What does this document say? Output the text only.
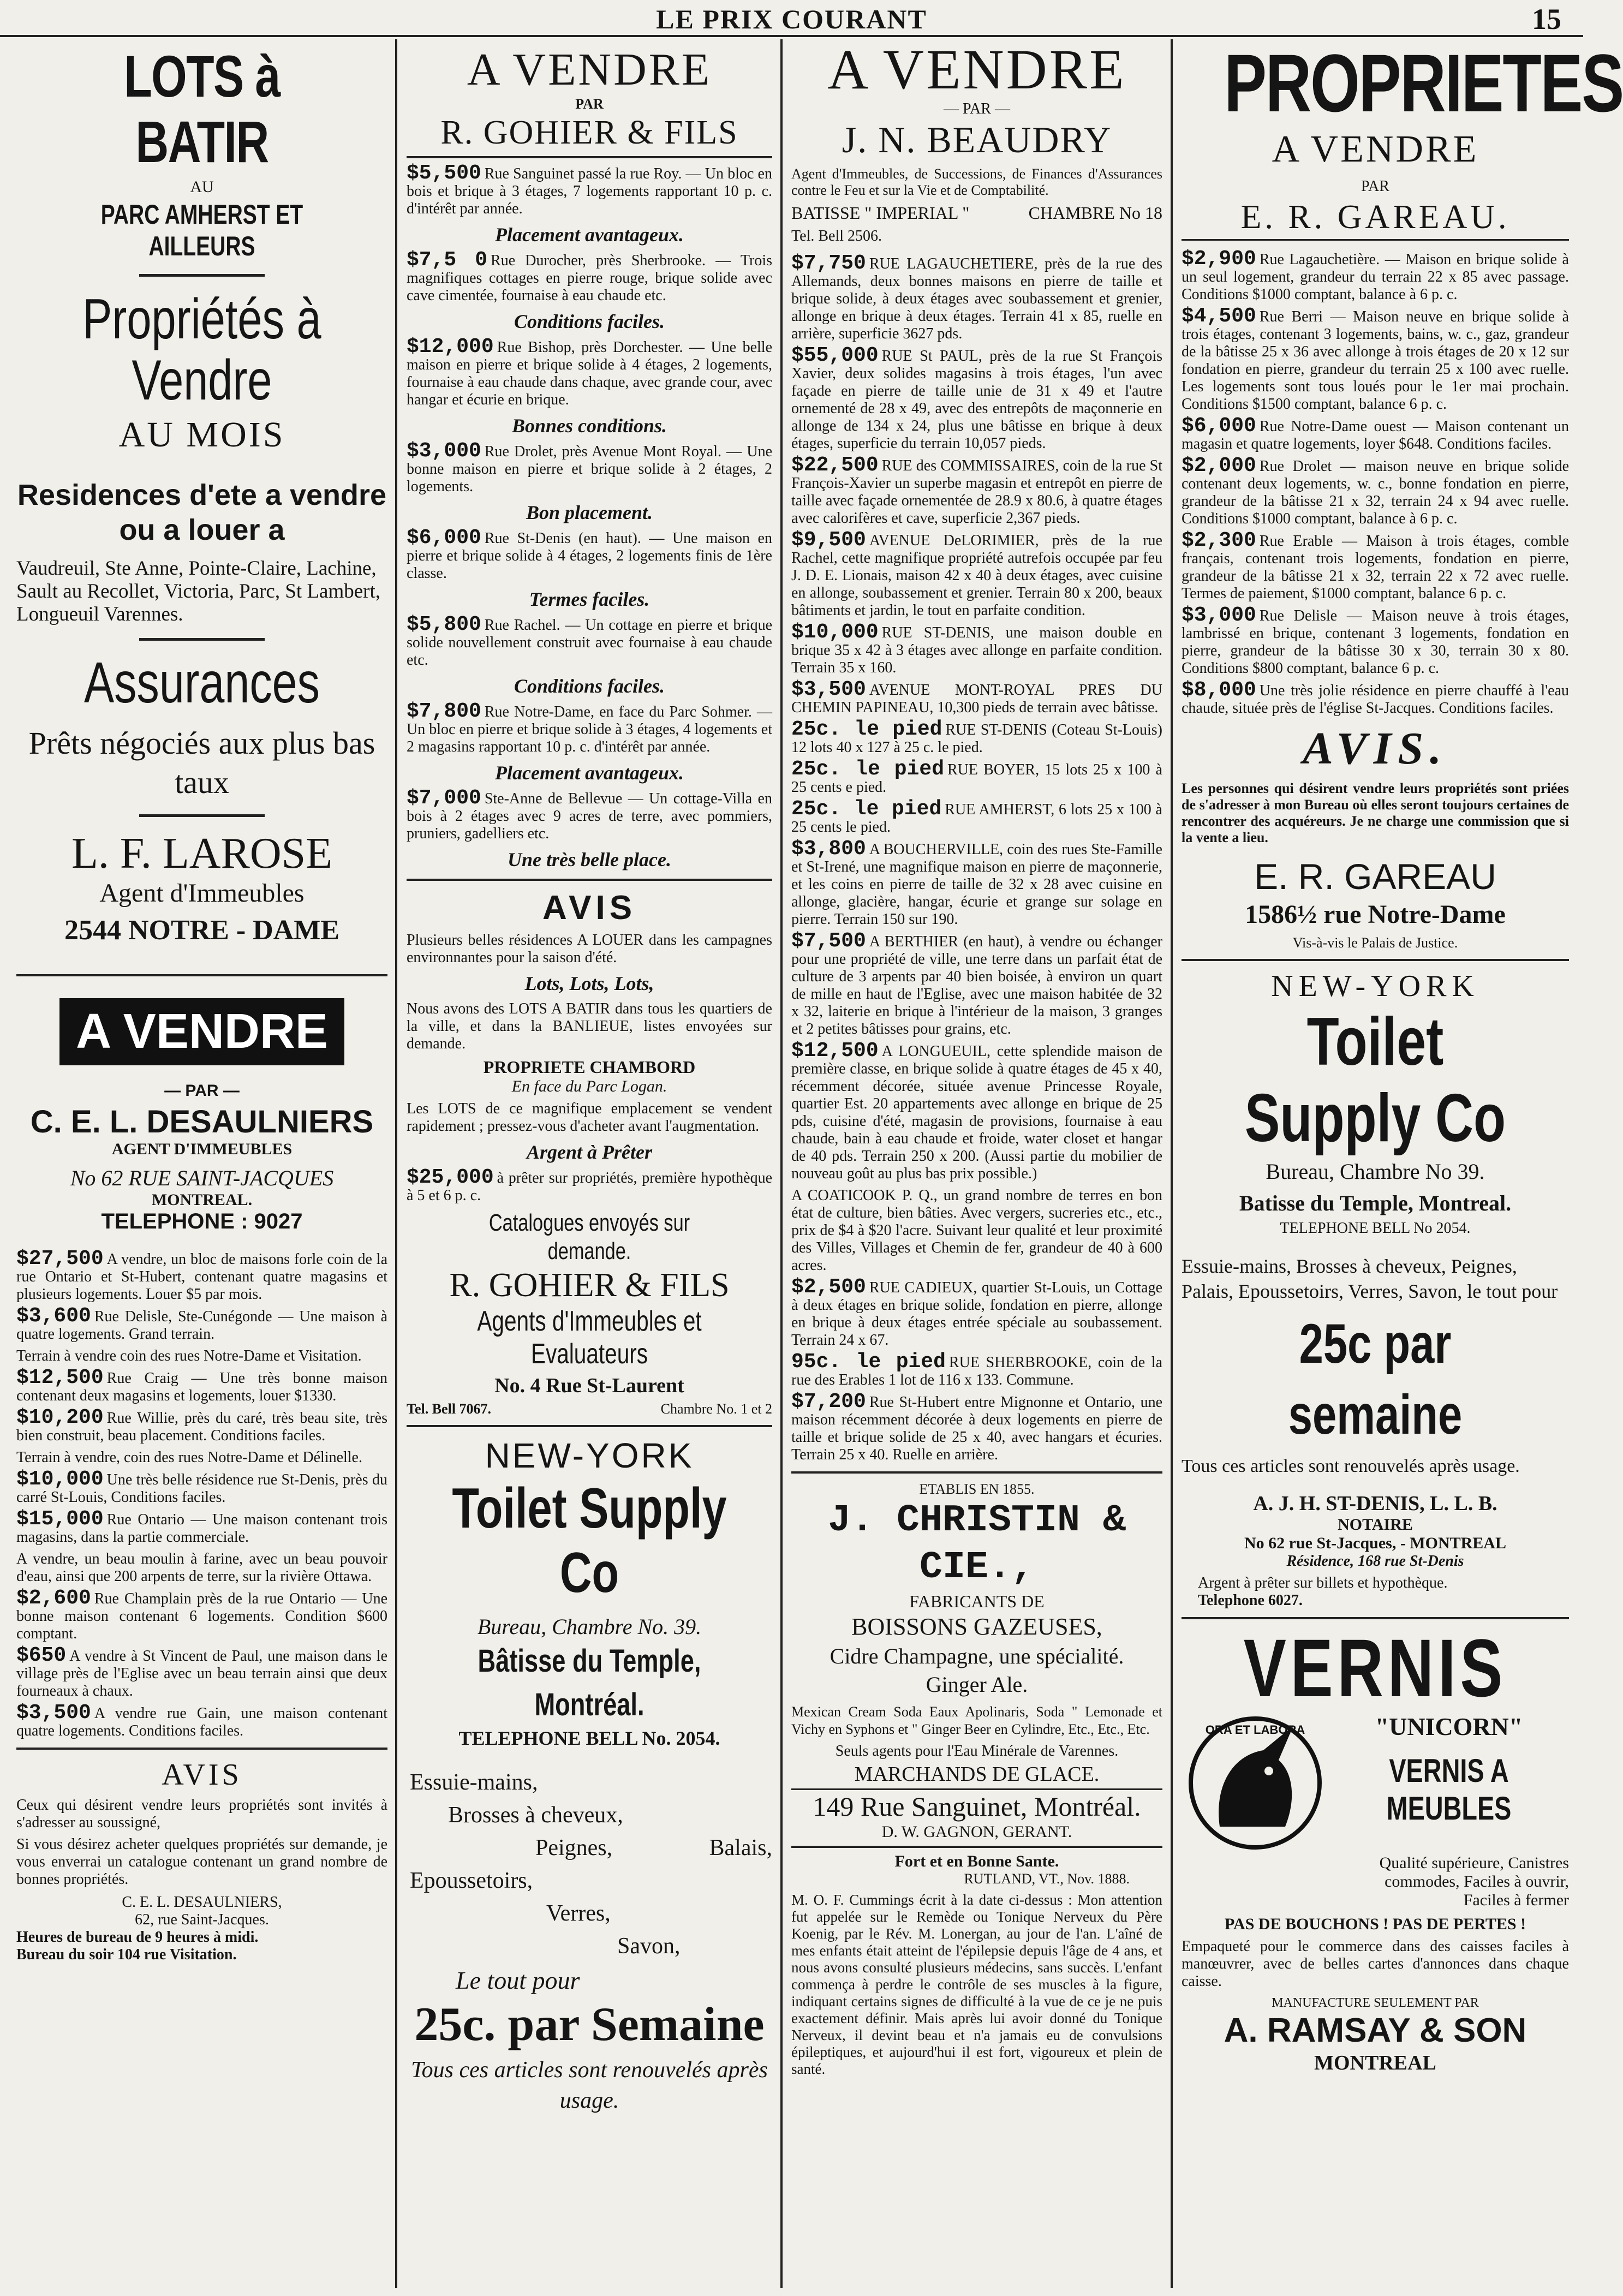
LE PRIX COURANT	15
LOTS à BATIR
AU
PARC AMHERST ET AILLEURS
Propriétés à Vendre
AU MOIS
Residences d'ete a vendre ou a louer a
Vaudreuil, Ste Anne, Pointe-Claire, Lachine, Sault au Recollet, Victoria, Parc, St Lambert, Longueuil Varennes.
Assurances
Prêts négociés aux plus bas taux
L. F. LAROSE
Agent d'Immeubles
2544 NOTRE - DAME
A VENDRE
— PAR —
C. E. L. DESAULNIERS
AGENT D'IMMEUBLES
No 62 RUE SAINT-JACQUES
MONTREAL.
TELEPHONE : 9027
$27,500 A vendre, un bloc de maisons forle coin de la rue Ontario et St-Hubert, contenant quatre magasins et plusieurs logements. Louer $5 par mois.
$3,600 Rue Delisle, Ste-Cunégonde — Une maison à quatre logements. Grand terrain.
Terrain à vendre coin des rues Notre-Dame et Visitation.
$12,500 Rue Craig — Une très bonne maison contenant deux magasins et logements, louer $1330.
$10,200 Rue Willie, près du caré, très beau site, très bien construit, beau placement. Conditions faciles.
Terrain à vendre, coin des rues Notre-Dame et Délinelle.
$10,000 Une très belle résidence rue St-Denis, près du carré St-Louis, Conditions faciles.
$15,000 Rue Ontario — Une maison contenant trois magasins, dans la partie commerciale.
A vendre, un beau moulin à farine, avec un beau pouvoir d'eau, ainsi que 200 arpents de terre, sur la rivière Ottawa.
$2,600 Rue Champlain près de la rue Ontario — Une bonne maison contenant 6 logements. Condition $600 comptant.
$650 A vendre à St Vincent de Paul, une maison dans le village près de l'Eglise avec un beau terrain ainsi que deux fourneaux à chaux.
$3,500 A vendre rue Gain, une maison contenant quatre logements. Conditions faciles.
AVIS
Ceux qui désirent vendre leurs propriétés sont invités à s'adresser au soussigné,
Si vous désirez acheter quelques propriétés sur demande, je vous enverrai un catalogue contenant un grand nombre de bonnes propriétés.
C. E. L. DESAULNIERS,
62, rue Saint-Jacques.
Heures de bureau de 9 heures à midi.
Bureau du soir 104 rue Visitation.
A VENDRE
PAR
R. GOHIER & FILS
$5,500 Rue Sanguinet passé la rue Roy. — Un bloc en bois et brique à 3 étages, 7 logements rapportant 10 p. c. d'intérêt par année.
Placement avantageux.
$7,5 0 Rue Durocher, près Sherbrooke. — Trois magnifiques cottages en pierre rouge, brique solide avec cave cimentée, fournaise à eau chaude etc.
Conditions faciles.
$12,000 Rue Bishop, près Dorchester. — Une belle maison en pierre et brique solide à 4 étages, 2 logements, fournaise à eau chaude dans chaque, avec grande cour, avec hangar et écurie en brique.
Bonnes conditions.
$3,000 Rue Drolet, près Avenue Mont Royal. — Une bonne maison en pierre et brique solide à 2 étages, 2 logements.
Bon placement.
$6,000 Rue St-Denis (en haut). — Une maison en pierre et brique solide à 4 étages, 2 logements finis de 1ère classe.
Termes faciles.
$5,800 Rue Rachel. — Un cottage en pierre et brique solide nouvellement construit avec fournaise à eau chaude etc.
Conditions faciles.
$7,800 Rue Notre-Dame, en face du Parc Sohmer. — Un bloc en pierre et brique solide à 3 étages, 4 logements et 2 magasins rapportant 10 p. c. d'intérêt par année.
Placement avantageux.
$7,000 Ste-Anne de Bellevue — Un cottage-Villa en bois à 2 étages avec 9 acres de terre, avec pommiers, pruniers, gadelliers etc.
Une très belle place.
AVIS
Plusieurs belles résidences A LOUER dans les campagnes environnantes pour la saison d'été.
Lots, Lots, Lots,
Nous avons des LOTS A BATIR dans tous les quartiers de la ville, et dans la BANLIEUE, listes envoyées sur demande.
PROPRIETE CHAMBORD
En face du Parc Logan.
Les LOTS de ce magnifique emplacement se vendent rapidement ; pressez-vous d'acheter avant l'augmentation.
Argent à Prêter
$25,000 à prêter sur propriétés, première hypothèque à 5 et 6 p. c.
Catalogues envoyés sur demande.
R. GOHIER & FILS
Agents d'Immeubles et Evaluateurs
No. 4 Rue St-Laurent
Tel. Bell 7067.	Chambre No. 1 et 2
NEW-YORK
Toilet Supply Co
Bureau, Chambre No. 39.
Bâtisse du Temple, Montréal.
TELEPHONE BELL No. 2054.
Essuie-mains,
Brosses à cheveux,
Peignes,	Balais,
Epoussetoirs,
Verres,
Savon,
Le tout pour
25c. par Semaine
Tous ces articles sont renouvelés après usage.
A VENDRE
— PAR —
J. N. BEAUDRY
Agent d'Immeubles, de Successions, de Finances d'Assurances contre le Feu et sur la Vie et de Comptabilité.
BATISSE " IMPERIAL "	CHAMBRE No 18
Tel. Bell 2506.
$7,750 RUE LAGAUCHETIERE, près de la rue des Allemands, deux bonnes maisons en pierre de taille et brique solide, à deux étages avec soubassement et grenier, allonge en brique à deux étages. Terrain 41 x 85, ruelle en arrière, superficie 3627 pds.
$55,000 RUE St PAUL, près de la rue St François Xavier, deux solides magasins à trois étages, l'un avec façade en pierre de taille unie de 31 x 49 et l'autre ornementé de 28 x 49, avec des entrepôts de maçonnerie en allonge de 134 x 24, plus une bâtisse en brique à deux étages, superficie du terrain 10,057 pieds.
$22,500 RUE des COMMISSAIRES, coin de la rue St François-Xavier un superbe magasin et entrepôt en pierre de taille avec façade ornementée de 28.9 x 80.6, à quatre étages avec calorifères et cave, superficie 2,367 pieds.
$9,500 AVENUE DeLORIMIER, près de la rue Rachel, cette magnifique propriété autrefois occupée par feu J. D. E. Lionais, maison 42 x 40 à deux étages, avec cuisine en allonge, soubassement et grenier. Terrain 80 x 200, beaux bâtiments et jardin, le tout en parfaite condition.
$10,000 RUE ST-DENIS, une maison double en brique 35 x 42 à 3 étages avec allonge en parfaite condition. Terrain 35 x 160.
$3,500 AVENUE MONT-ROYAL PRES DU CHEMIN PAPINEAU, 10,300 pieds de terrain avec bâtisse.
25c. le pied RUE ST-DENIS (Coteau St-Louis) 12 lots 40 x 127 à 25 c. le pied.
25c. le pied RUE BOYER, 15 lots 25 x 100 à 25 cents e pied.
25c. le pied RUE AMHERST, 6 lots 25 x 100 à 25 cents le pied.
$3,800 A BOUCHERVILLE, coin des rues Ste-Famille et St-Irené, une magnifique maison en pierre de maçonnerie, et les coins en pierre de taille de 32 x 28 avec cuisine en allonge, glacière, hangar, écurie et grange sur solage en pierre. Terrain 150 sur 190.
$7,500 A BERTHIER (en haut), à vendre ou échanger pour une propriété de ville, une terre dans un parfait état de culture de 3 arpents par 40 bien boisée, à environ un quart de mille en haut de l'Eglise, avec une maison habitée de 32 x 32, laiterie en brique à l'intérieur de la maison, 3 granges et 2 petites bâtisses pour grains, etc.
$12,500 A LONGUEUIL, cette splendide maison de première classe, en brique solide à quatre étages de 45 x 40, récemment décorée, située avenue Princesse Royale, quartier Est. 20 appartements avec allonge en brique de 25 pds, cuisine d'été, magasin de provisions, fournaise à eau chaude, bain à eau chaude et froide, water closet et hangar de 40 pds. Terrain 250 x 200. (Aussi partie du mobilier de nouveau goût au plus bas prix possible.)
A COATICOOK P. Q., un grand nombre de terres en bon état de culture, bien bâties. Avec vergers, sucreries etc., etc., prix de $4 à $20 l'acre. Suivant leur qualité et leur proximité des Villes, Villages et Chemin de fer, grandeur de 40 à 600 acres.
$2,500 RUE CADIEUX, quartier St-Louis, un Cottage à deux étages en brique solide, fondation en pierre, allonge en brique à deux étages entrée spéciale au soubassement. Terrain 24 x 67.
95c. le pied RUE SHERBROOKE, coin de la rue des Erables 1 lot de 116 x 133. Commune.
$7,200 Rue St-Hubert entre Mignonne et Ontario, une maison récemment décorée à deux logements en pierre de taille et brique solide de 25 x 40, avec hangars et écuries. Terrain 25 x 40. Ruelle en arrière.
ETABLIS EN 1855.
J. CHRISTIN & CIE.,
FABRICANTS DE
BOISSONS GAZEUSES,
Cidre Champagne, une spécialité.
Ginger Ale.
Mexican Cream Soda Eaux Apolinaris, Soda " Lemonade et Vichy en Syphons et " Ginger Beer en Cylindre, Etc., Etc., Etc.
Seuls agents pour l'Eau Minérale de Varennes.
MARCHANDS DE GLACE.
149 Rue Sanguinet, Montréal.
D. W. GAGNON, GERANT.
Fort et en Bonne Sante.
RUTLAND, VT., Nov. 1888.
M. O. F. Cummings écrit à la date ci-dessus : Mon attention fut appelée sur le Remède ou Tonique Nerveux du Père Koenig, par le Rév. M. Lonergan, au jour de l'an. L'aîné de mes enfants était atteint de l'épilepsie depuis l'âge de 4 ans, et nous avons consulté plusieurs médecins, sans succès. L'enfant commença à perdre le contrôle de ses muscles à la figure, indiquant certains signes de difficulté à la vue de ce je ne puis exactement définir. Mais après lui avoir donné du Tonique Nerveux, il devint beau et n'a jamais eu de convulsions épileptiques, et aujourd'hui il est fort, vigoureux et plein de santé.
PROPRIETES
A VENDRE
PAR
E. R. GAREAU.
$2,900 Rue Lagauchetière. — Maison en brique solide à un seul logement, grandeur du terrain 22 x 85 avec passage. Conditions $1000 comptant, balance à 6 p. c.
$4,500 Rue Berri — Maison neuve en brique solide à trois étages, contenant 3 logements, bains, w. c., gaz, grandeur de la bâtisse 25 x 36 avec allonge à trois étages de 20 x 12 sur fondation en pierre, grandeur du terrain 25 x 100 avec ruelle. Les logements sont tous loués pour le 1er mai prochain. Conditions $1500 comptant, balance 6 p. c.
$6,000 Rue Notre-Dame ouest — Maison contenant un magasin et quatre logements, loyer $648. Conditions faciles.
$2,000 Rue Drolet — maison neuve en brique solide contenant deux logements, w. c., bonne fondation en pierre, grandeur de la bâtisse 21 x 32, terrain 24 x 94 avec ruelle. Conditions $1000 comptant, balance à 6 p. c.
$2,300 Rue Erable — Maison à trois étages, comble français, contenant trois logements, fondation en pierre, grandeur de la bâtisse 21 x 32, terrain 22 x 72 avec ruelle. Termes de paiement, $1000 comptant, balance 6 p. c.
$3,000 Rue Delisle — Maison neuve à trois étages, lambrissé en brique, contenant 3 logements, fondation en pierre, grandeur de la bâtisse 30 x 30, terrain 30 x 80. Conditions $800 comptant, balance 6 p. c.
$8,000 Une très jolie résidence en pierre chauffé à l'eau chaude, située près de l'église St-Jacques. Conditions faciles.
AVIS.
Les personnes qui désirent vendre leurs propriétés sont priées de s'adresser à mon Bureau où elles seront toujours certaines de rencontrer des acquéreurs. Je ne charge une commission que si la vente a lieu.
E. R. GAREAU
1586½ rue Notre-Dame
Vis-à-vis le Palais de Justice.
NEW-YORK
Toilet Supply Co
Bureau, Chambre No 39.
Batisse du Temple, Montreal.
TELEPHONE BELL No 2054.
Essuie-mains, Brosses à cheveux, Peignes, Palais, Epoussetoirs, Verres, Savon, le tout pour
25c par semaine
Tous ces articles sont renouvelés après usage.
A. J. H. ST-DENIS, L. L. B.
NOTAIRE
No 62 rue St-Jacques, - MONTREAL
Résidence, 168 rue St-Denis
Argent à prêter sur billets et hypothèque.
Telephone 6027.
VERNIS
ORA ET LABORA	"UNICORN"
VERNIS A MEUBLES
Qualité supérieure, Canistres commodes, Faciles à ouvrir, Faciles à fermer
PAS DE BOUCHONS ! PAS DE PERTES !
Empaqueté pour le commerce dans des caisses faciles à manœuvrer, avec de belles cartes d'annonces dans chaque caisse.
MANUFACTURE SEULEMENT PAR
A. RAMSAY & SON
MONTREAL
